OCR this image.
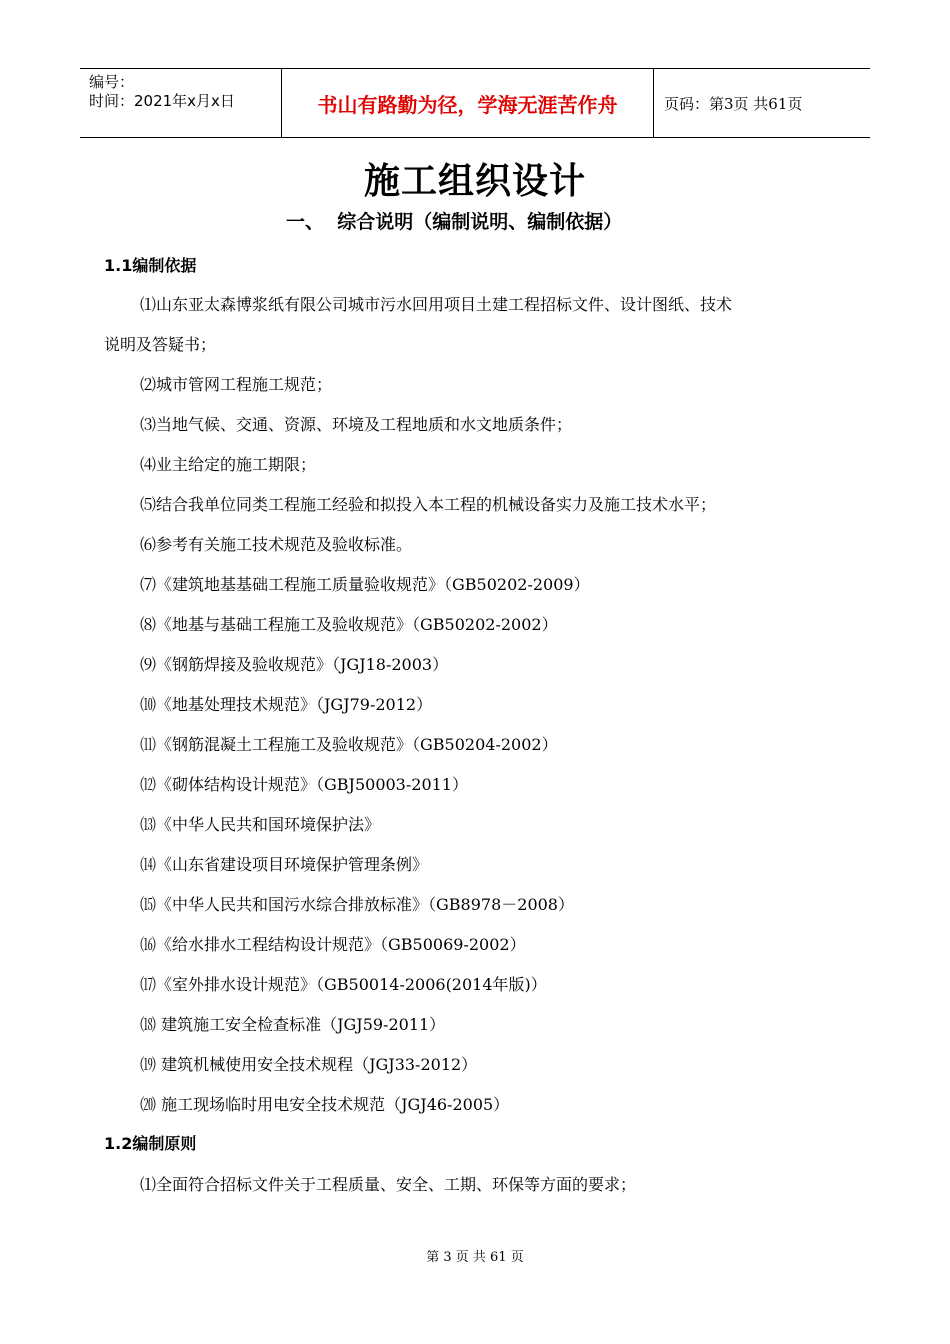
编号：
时间：2021年x月x日	书山有路勤为径，学海无涯苦作舟	页码：第3页 共61页
施工组织设计
一、  综合说明（编制说明、编制依据）
1.1编制依据
⑴山东亚太森博浆纸有限公司城市污水回用项目土建工程招标文件、设计图纸、技术
说明及答疑书；
⑵城市管网工程施工规范；
⑶当地气候、交通、资源、环境及工程地质和水文地质条件；
⑷业主给定的施工期限；
⑸结合我单位同类工程施工经验和拟投入本工程的机械设备实力及施工技术水平；
⑹参考有关施工技术规范及验收标准。
⑺《建筑地基基础工程施工质量验收规范》（GB50202-2009）
⑻《地基与基础工程施工及验收规范》（GB50202-2002）
⑼《钢筋焊接及验收规范》（JGJ18-2003）
⑽《地基处理技术规范》（JGJ79-2012）
⑾《钢筋混凝土工程施工及验收规范》（GB50204-2002）
⑿《砌体结构设计规范》（GBJ50003-2011）
⒀《中华人民共和国环境保护法》
⒁《山东省建设项目环境保护管理条例》
⒂《中华人民共和国污水综合排放标准》（GB8978－2008）
⒃《给水排水工程结构设计规范》（GB50069-2002）
⒄《室外排水设计规范》（GB50014-2006(2014年版)）
⒅ 建筑施工安全检查标准（JGJ59-2011）
⒆ 建筑机械使用安全技术规程（JGJ33-2012）
⒇ 施工现场临时用电安全技术规范（JGJ46-2005）
1.2编制原则
⑴全面符合招标文件关于工程质量、安全、工期、环保等方面的要求；
第 3 页 共 61 页
